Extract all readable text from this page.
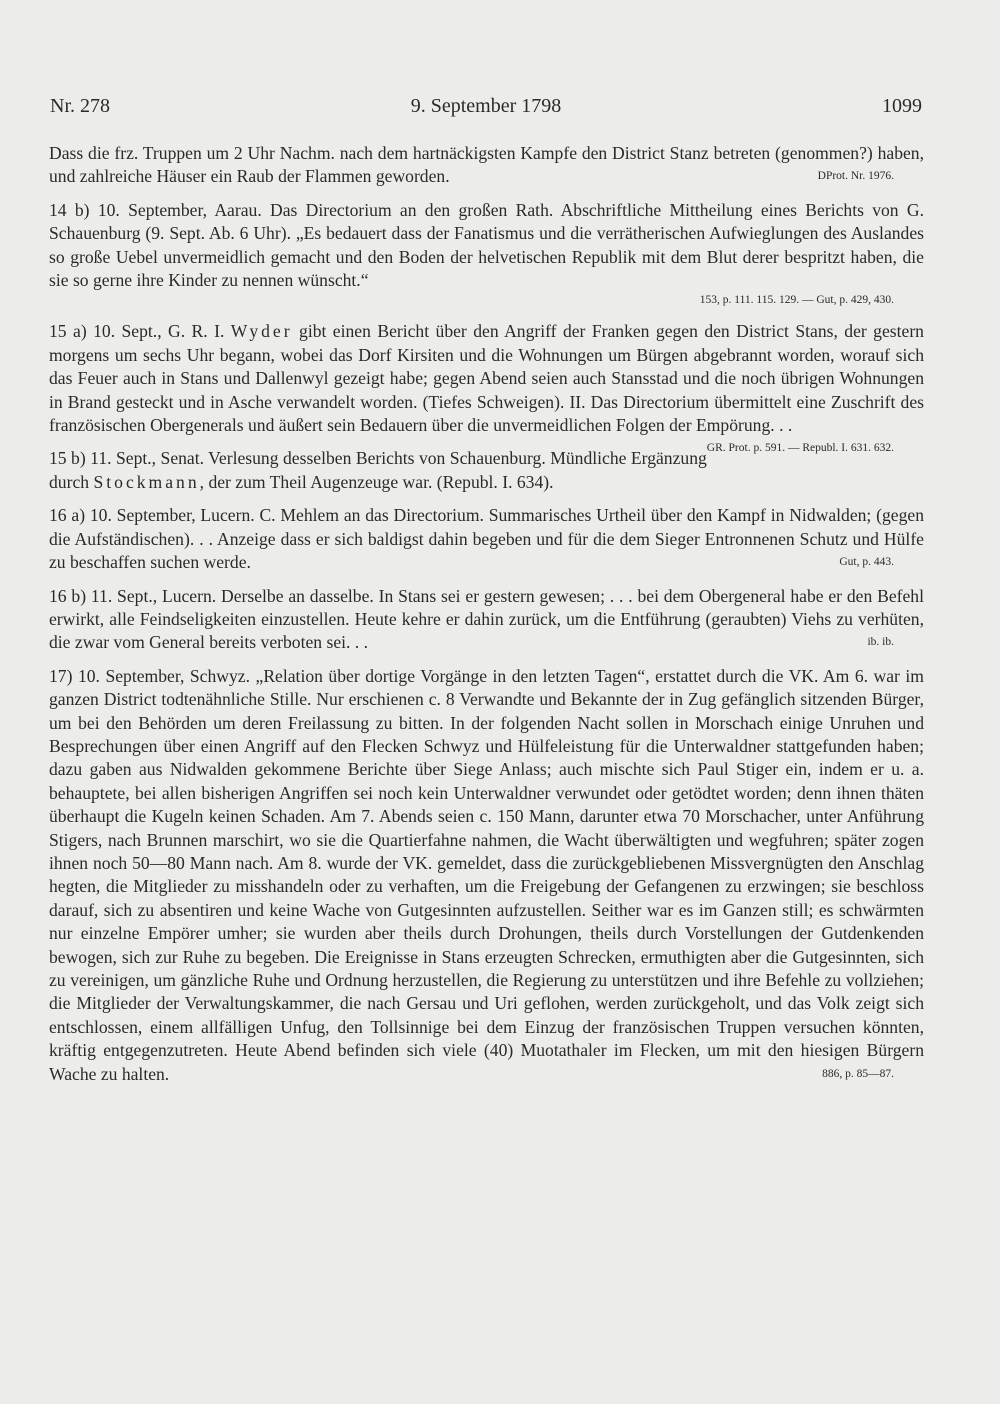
Nr. 278	9. September 1798	1099

Dass die frz. Truppen um 2 Uhr Nachm. nach dem hartnäckigsten Kampfe den District Stanz betreten (genommen?) haben, und zahlreiche Häuser ein Raub der Flammen geworden.	DProt. Nr. 1976.

14 b) 10. September, Aarau. Das Directorium an den großen Rath. Abschriftliche Mittheilung eines Berichts von G. Schauenburg (9. Sept. Ab. 6 Uhr). „Es bedauert dass der Fanatismus und die verrätherischen Aufwieglungen des Auslandes so große Uebel unvermeidlich gemacht und den Boden der helvetischen Republik mit dem Blut derer bespritzt haben, die sie so gerne ihre Kinder zu nennen wünscht.“

153, p. 111. 115. 129. — Gut, p. 429, 430.

15 a) 10. Sept., G. R. I. Wyder gibt einen Bericht über den Angriff der Franken gegen den District Stans, der gestern morgens um sechs Uhr begann, wobei das Dorf Kirsiten und die Wohnungen um Bürgen abgebrannt worden, worauf sich das Feuer auch in Stans und Dallenwyl gezeigt habe; gegen Abend seien auch Stansstad und die noch übrigen Wohnungen in Brand gesteckt und in Asche verwandelt worden. (Tiefes Schweigen). II. Das Directorium übermittelt eine Zuschrift des französischen Obergenerals und äußert sein Bedauern über die unvermeidlichen Folgen der Empörung. . .
GR. Prot. p. 591. — Republ. I. 631. 632.

15 b) 11. Sept., Senat. Verlesung desselben Berichts von Schauenburg. Mündliche Ergänzung durch Stockmann, der zum Theil Augenzeuge war. (Republ. I. 634).

16 a) 10. September, Lucern. C. Mehlem an das Directorium. Summarisches Urtheil über den Kampf in Nidwalden; (gegen die Aufständischen). . . Anzeige dass er sich baldigst dahin begeben und für die dem Sieger Entronnenen Schutz und Hülfe zu beschaffen suchen werde.	Gut, p. 443.

16 b) 11. Sept., Lucern. Derselbe an dasselbe. In Stans sei er gestern gewesen; . . . bei dem Obergeneral habe er den Befehl erwirkt, alle Feindseligkeiten einzustellen. Heute kehre er dahin zurück, um die Entführung (geraubten) Viehs zu verhüten, die zwar vom General bereits verboten sei. . .	ib. ib.

17) 10. September, Schwyz. „Relation über dortige Vorgänge in den letzten Tagen“, erstattet durch die VK. Am 6. war im ganzen District todtenähnliche Stille. Nur erschienen c. 8 Verwandte und Bekannte der in Zug gefänglich sitzenden Bürger, um bei den Behörden um deren Freilassung zu bitten. In der folgenden Nacht sollen in Morschach einige Unruhen und Besprechungen über einen Angriff auf den Flecken Schwyz und Hülfeleistung für die Unterwaldner stattgefunden haben; dazu gaben aus Nidwalden gekommene Berichte über Siege Anlass; auch mischte sich Paul Stiger ein, indem er u. a. behauptete, bei allen bisherigen Angriffen sei noch kein Unterwaldner verwundet oder getödtet worden; denn ihnen thäten überhaupt die Kugeln keinen Schaden. Am 7. Abends seien c. 150 Mann, darunter etwa 70 Morschacher, unter Anführung Stigers, nach Brunnen marschirt, wo sie die Quartierfahne nahmen, die Wacht überwältigten und wegfuhren; später zogen ihnen noch 50—80 Mann nach. Am 8. wurde der VK. gemeldet, dass die zurückgebliebenen Missvergnügten den Anschlag hegten, die Mitglieder zu misshandeln oder zu verhaften, um die Freigebung der Gefangenen zu erzwingen; sie beschloss darauf, sich zu absentiren und keine Wache von Gutgesinnten aufzustellen. Seither war es im Ganzen still; es schwärmten nur einzelne Empörer umher; sie wurden aber theils durch Drohungen, theils durch Vorstellungen der Gutdenkenden bewogen, sich zur Ruhe zu begeben. Die Ereignisse in Stans erzeugten Schrecken, ermuthigten aber die Gutgesinnten, sich zu vereinigen, um gänzliche Ruhe und Ordnung herzustellen, die Regierung zu unterstützen und ihre Befehle zu vollziehen; die Mitglieder der Verwaltungskammer, die nach Gersau und Uri geflohen, werden zurückgeholt, und das Volk zeigt sich entschlossen, einem allfälligen Unfug, den Tollsinnige bei dem Einzug der französischen Truppen versuchen könnten, kräftig entgegenzutreten. Heute Abend befinden sich viele (40) Muotathaler im Flecken, um mit den hiesigen Bürgern Wache zu halten.	886, p. 85—87.
